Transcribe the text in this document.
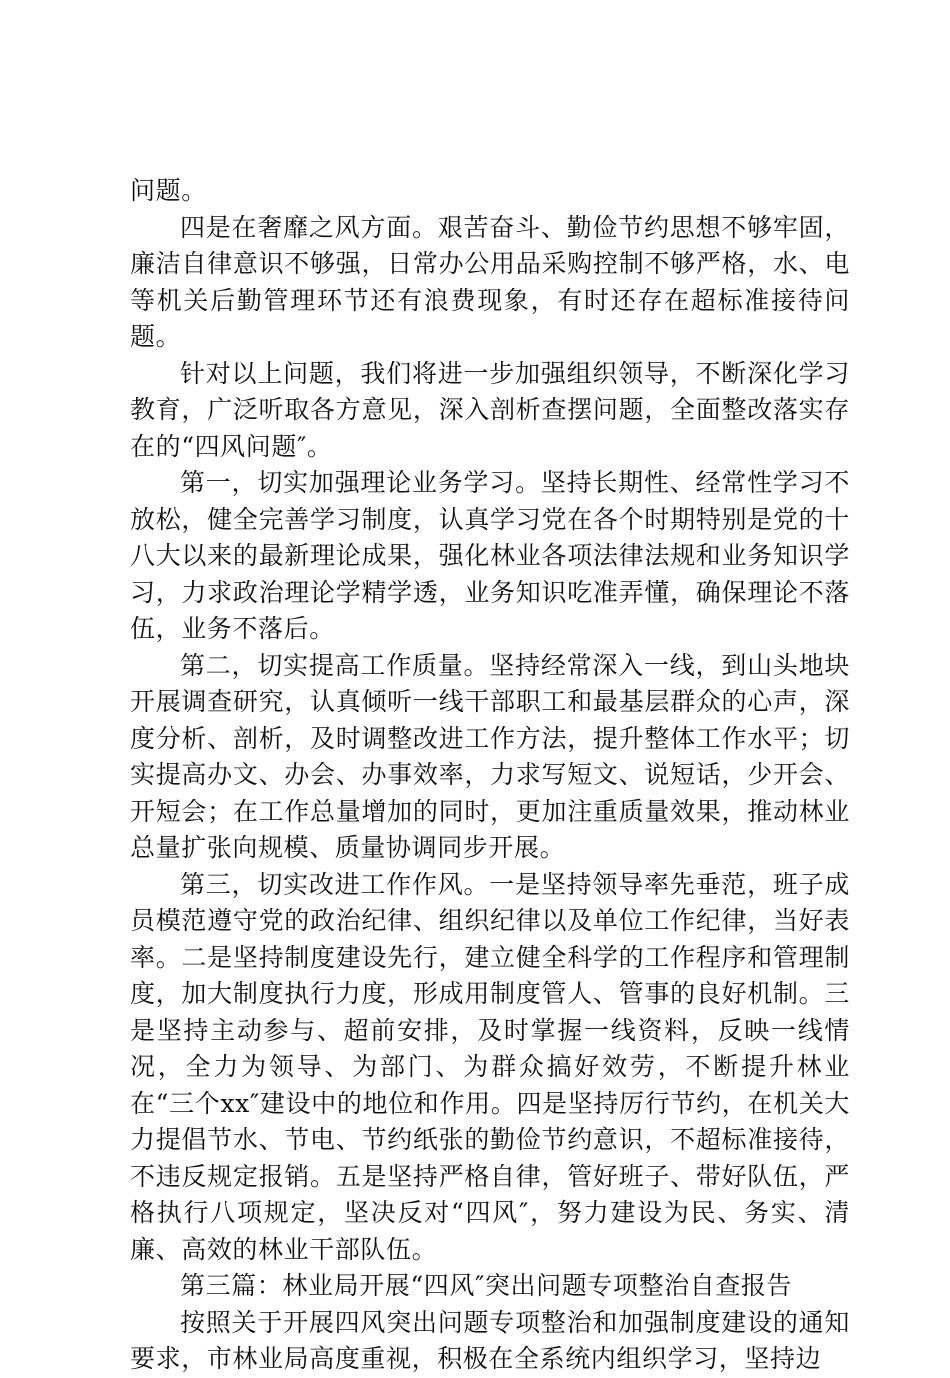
问题。

四是在奢靡之风方面。艰苦奋斗、勤俭节约思想不够牢固，廉洁自律意识不够强，日常办公用品采购控制不够严格，水、电等机关后勤管理环节还有浪费现象，有时还存在超标准接待问题。

针对以上问题，我们将进一步加强组织领导，不断深化学习教育，广泛听取各方意见，深入剖析查摆问题，全面整改落实存在的“四风问题″。

第一，切实加强理论业务学习。坚持长期性、经常性学习不放松，健全完善学习制度，认真学习党在各个时期特别是党的十八大以来的最新理论成果，强化林业各项法律法规和业务知识学习，力求政治理论学精学透，业务知识吃准弄懂，确保理论不落伍，业务不落后。

第二，切实提高工作质量。坚持经常深入一线，到山头地块开展调查研究，认真倾听一线干部职工和最基层群众的心声，深度分析、剖析，及时调整改进工作方法，提升整体工作水平；切实提高办文、办会、办事效率，力求写短文、说短话，少开会、开短会；在工作总量增加的同时，更加注重质量效果，推动林业总量扩张向规模、质量协调同步开展。

第三，切实改进工作作风。一是坚持领导率先垂范，班子成员模范遵守党的政治纪律、组织纪律以及单位工作纪律，当好表率。二是坚持制度建设先行，建立健全科学的工作程序和管理制度，加大制度执行力度，形成用制度管人、管事的良好机制。三是坚持主动参与、超前安排，及时掌握一线资料，反映一线情况，全力为领导、为部门、为群众搞好效劳，不断提升林业在“三个xx″建设中的地位和作用。四是坚持厉行节约，在机关大力提倡节水、节电、节约纸张的勤俭节约意识，不超标准接待，不违反规定报销。五是坚持严格自律，管好班子、带好队伍，严格执行八项规定，坚决反对“四风″，努力建设为民、务实、清廉、高效的林业干部队伍。

第三篇：林业局开展“四风″突出问题专项整治自查报告

按照关于开展四风突出问题专项整治和加强制度建设的通知要求，市林业局高度重视，积极在全系统内组织学习，坚持边
